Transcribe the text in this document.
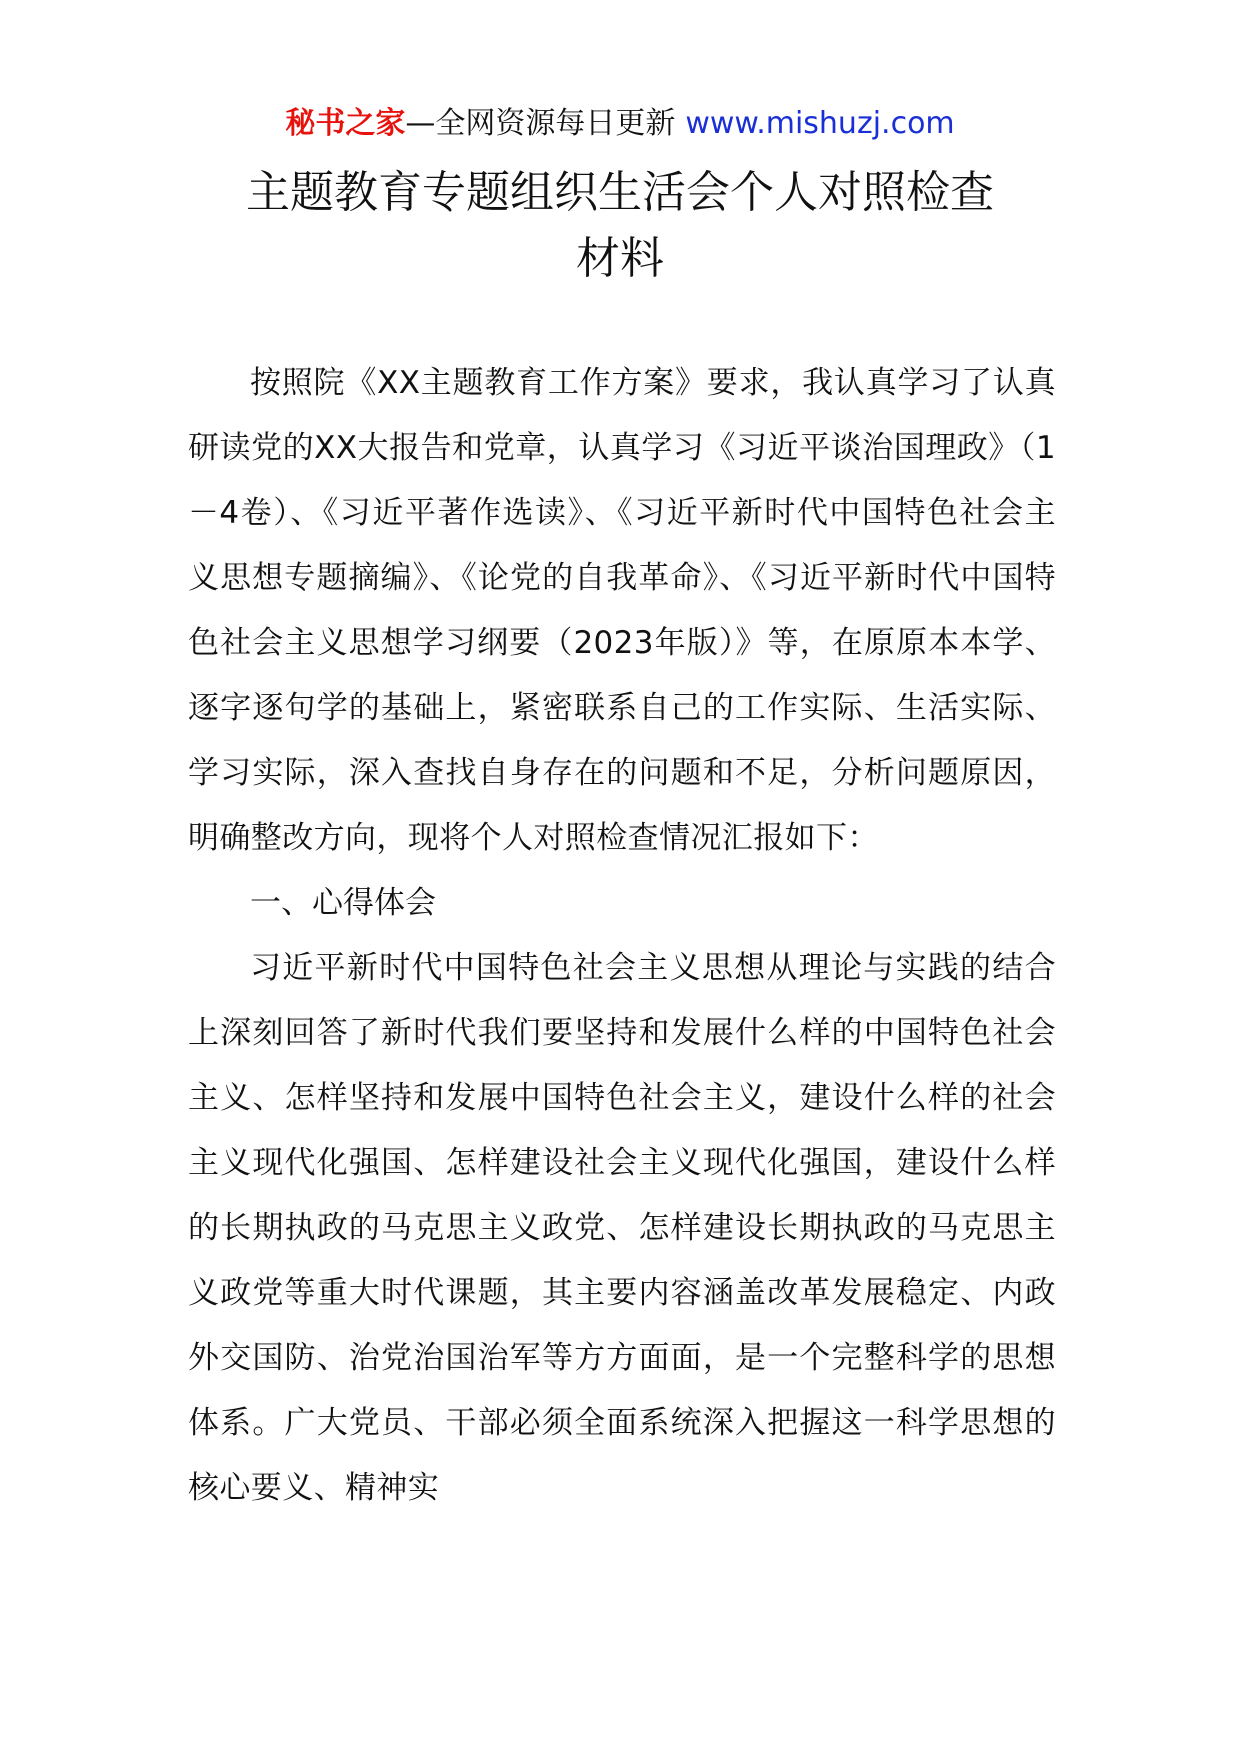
秘书之家—全网资源每日更新 www.mishuzj.com
主题教育专题组织生活会个人对照检查
材料

按照院《XX主题教育工作方案》要求，我认真学习了认真研读党的XX大报告和党章，认真学习《习近平谈治国理政》（1－4卷）、《习近平著作选读》、《习近平新时代中国特色社会主义思想专题摘编》、《论党的自我革命》、《习近平新时代中国特色社会主义思想学习纲要（2023年版）》等，在原原本本学、逐字逐句学的基础上，紧密联系自己的工作实际、生活实际、学习实际，深入查找自身存在的问题和不足，分析问题原因，明确整改方向，现将个人对照检查情况汇报如下：

一、心得体会

习近平新时代中国特色社会主义思想从理论与实践的结合上深刻回答了新时代我们要坚持和发展什么样的中国特色社会主义、怎样坚持和发展中国特色社会主义，建设什么样的社会主义现代化强国、怎样建设社会主义现代化强国，建设什么样的长期执政的马克思主义政党、怎样建设长期执政的马克思主义政党等重大时代课题，其主要内容涵盖改革发展稳定、内政外交国防、治党治国治军等方方面面，是一个完整科学的思想体系。广大党员、干部必须全面系统深入把握这一科学思想的核心要义、精神实
